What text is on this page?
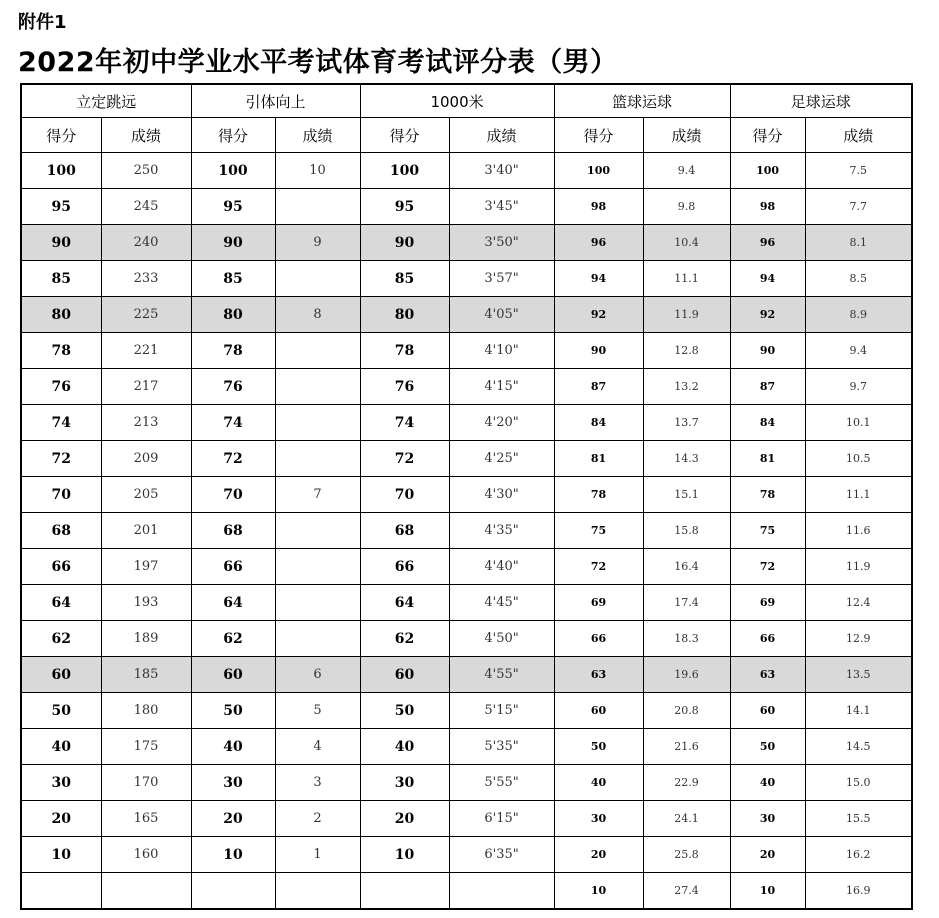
附件1
2022年初中学业水平考试体育考试评分表（男）
立定跳远		引体向上		1000米		篮球运球		足球运球	
得分	成绩	得分	成绩	得分	成绩	得分	成绩	得分	成绩
100	250	100	10	100	3'40"	100	9.4	100	7.5
95	245	95		95	3'45"	98	9.8	98	7.7
90	240	90	9	90	3'50"	96	10.4	96	8.1
85	233	85		85	3'57"	94	11.1	94	8.5
80	225	80	8	80	4'05"	92	11.9	92	8.9
78	221	78		78	4'10"	90	12.8	90	9.4
76	217	76		76	4'15"	87	13.2	87	9.7
74	213	74		74	4'20"	84	13.7	84	10.1
72	209	72		72	4'25"	81	14.3	81	10.5
70	205	70	7	70	4'30"	78	15.1	78	11.1
68	201	68		68	4'35"	75	15.8	75	11.6
66	197	66		66	4'40"	72	16.4	72	11.9
64	193	64		64	4'45"	69	17.4	69	12.4
62	189	62		62	4'50"	66	18.3	66	12.9
60	185	60	6	60	4'55"	63	19.6	63	13.5
50	180	50	5	50	5'15"	60	20.8	60	14.1
40	175	40	4	40	5'35"	50	21.6	50	14.5
30	170	30	3	30	5'55"	40	22.9	40	15.0
20	165	20	2	20	6'15"	30	24.1	30	15.5
10	160	10	1	10	6'35"	20	25.8	20	16.2
						10	27.4	10	16.9
